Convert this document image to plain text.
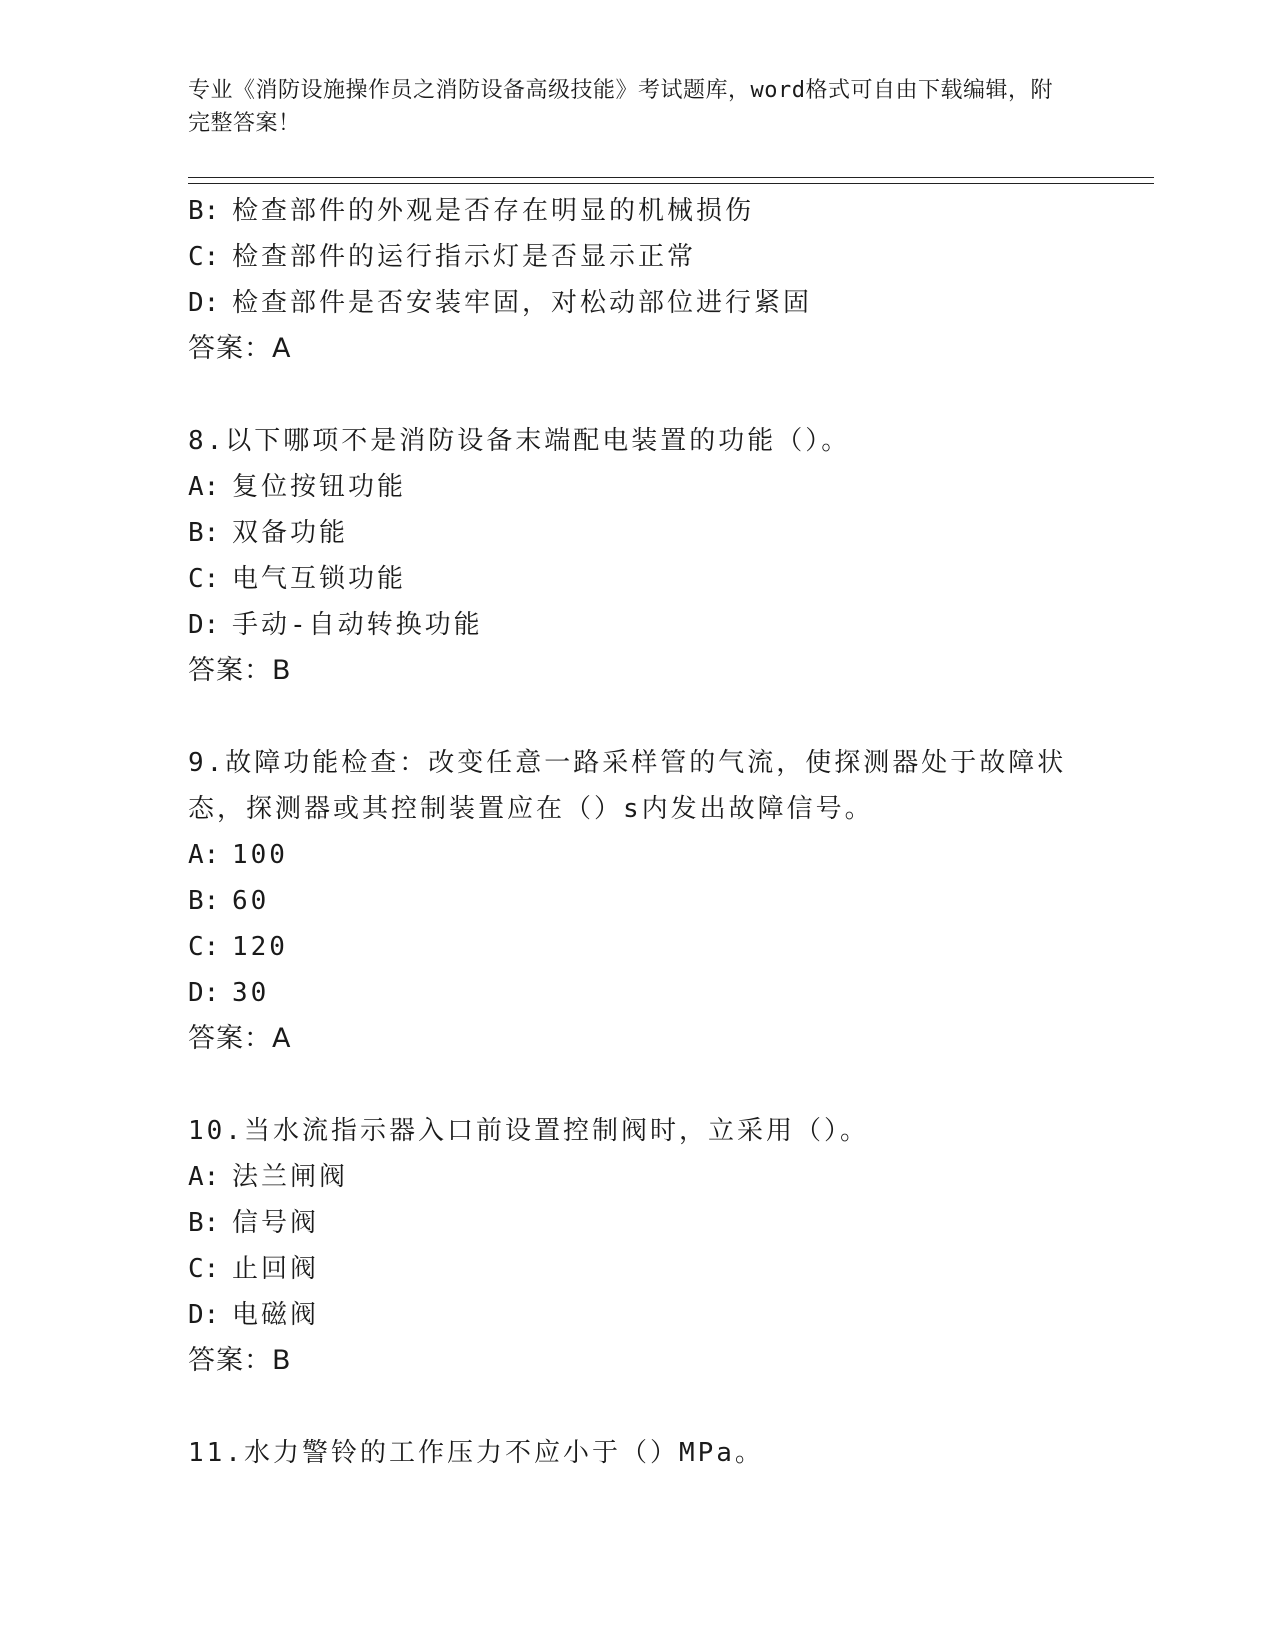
专业《消防设施操作员之消防设备高级技能》考试题库，word格式可自由下载编辑，附完整答案！
B: 检查部件的外观是否存在明显的机械损伤
C: 检查部件的运行指示灯是否显示正常
D: 检查部件是否安装牢固，对松动部位进行紧固
答案：A
8.以下哪项不是消防设备末端配电装置的功能（）。
A: 复位按钮功能
B: 双备功能
C: 电气互锁功能
D: 手动-自动转换功能
答案：B
9.故障功能检查：改变任意一路采样管的气流，使探测器处于故障状
态，探测器或其控制装置应在（）s内发出故障信号。
A: 100
B: 60
C: 120
D: 30
答案：A
10.当水流指示器入口前设置控制阀时，立采用（）。
A: 法兰闸阀
B: 信号阀
C: 止回阀
D: 电磁阀
答案：B
11.水力警铃的工作压力不应小于（）MPa。
